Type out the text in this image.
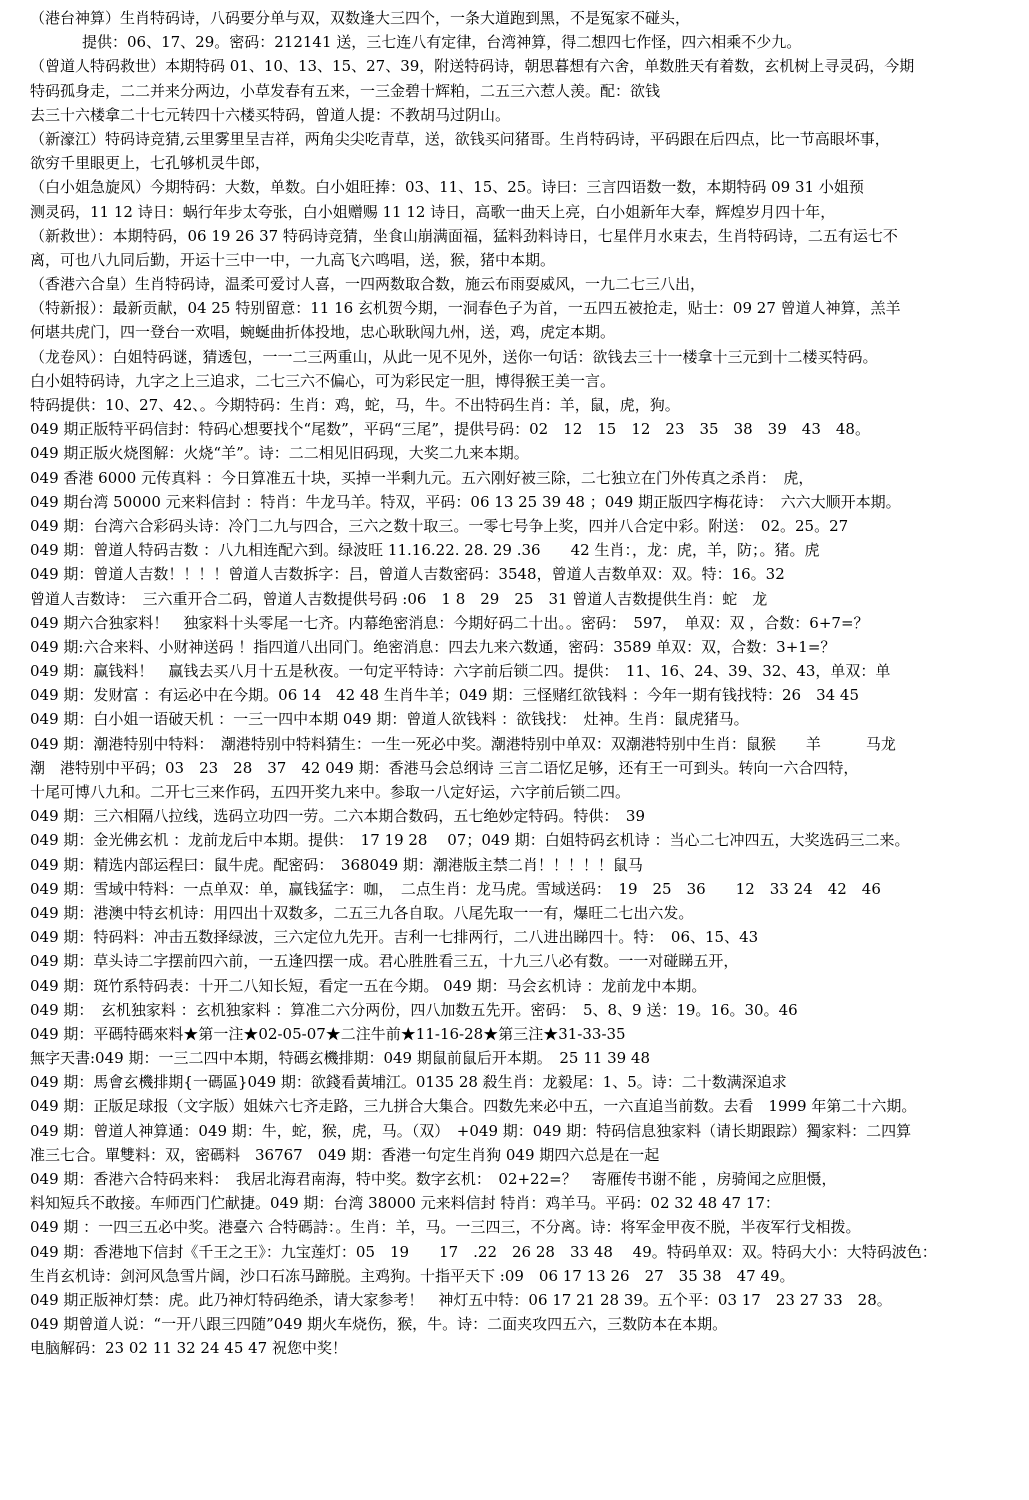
（港台神算）生肖特码诗，八码要分单与双，双数逢大三四个，一条大道跑到黑，不是冤家不碰头，
提供：06、17、29。密码：212141 送，三七连八有定律，台湾神算，得二想四七作怪，四六相乘不少九。
（曾道人特码救世）本期特码 01、10、13、15、27、39，附送特码诗，朝思暮想有六舍，单数胜天有着数，玄机树上寻灵码，今期
特码孤身走，二二并来分两边，小草发春有五来，一三金碧十辉粕，二五三六惹人羡。配：欲钱
去三十六楼拿二十七元转四十六楼买特码，曾道人提：不教胡马过阴山。
（新濠江）特码诗竞猜,云里雾里呈吉祥，两角尖尖吃青草，送，欲钱买问猪哥。生肖特码诗，平码跟在后四点，比一节高眼坏事，
欲穷千里眼更上，七孔够机灵牛郎，
（白小姐急旋风）今期特码：大数，单数。白小姐旺捧：03、11、15、25。诗曰：三言四语数一数，本期特码 09 31 小姐预
测灵码，11 12 诗日：蜗行年步太夸张，白小姐赠赐 11 12 诗日，高歌一曲天上亮，白小姐新年大奉，辉煌岁月四十年，
（新救世）：本期特码，06 19 26 37 特码诗竞猜，坐食山崩满面福，猛料劲料诗日，七星伴月水束去，生肖特码诗，二五有运七不
离，可也八九同后勤，开运十三中一中，一九高飞六鸣唱，送，猴，猪中本期。
（香港六合皇）生肖特码诗，温柔可爱讨人喜，一四两数取合数，施云布雨耍威风，一九二七三八出，
（特新报）：最新贡献，04 25 特别留意：11 16 玄机贺今期，一洞春色子为首，一五四五被抢走，贴士：09 27 曾道人神算，羔羊
何堪共虎门，四一登台一欢唱，蜿蜒曲折体投地，忠心耿耿闯九州，送，鸡，虎定本期。
（龙卷风）：白姐特码谜，猜透包，一一二三两重山，从此一见不见外，送你一句话：欲钱去三十一楼拿十三元到十二楼买特码。
白小姐特码诗，九字之上三追求，二七三六不偏心，可为彩民定一胆，博得猴王美一言。
特码提供：10、27、42、。今期特码：生肖：鸡，蛇，马，牛。不出特码生肖：羊，鼠，虎，狗。
049 期正版特平码信封：特码心想要找个“尾数”，平码“三尾”，提供号码：02　12　15　12　23　35　38　39　43　48。
049 期正版火烧图解：火烧“羊”。诗：二二相见旧码现，大奖二九来本期。
049 香港 6000 元传真料 ：今日算准五十块，买掉一半剩九元。五六刚好被三除，二七独立在门外传真之杀肖：　虎，
049 期台湾 50000 元来料信封 ：特肖：牛龙马羊。特双，平码：06 13 25 39 48 ；049 期正版四字梅花诗：　六六大顺开本期。
049 期：台湾六合彩码头诗：冷门二九与四合，三六之数十取三。一零七号争上奖，四并八合定中彩。附送：　02。25。27
049 期：曾道人特码吉数 ：八九相连配六到。绿波旺 11.16.22. 28. 29 .36　　42 生肖：，龙：虎，羊，防；。猪。虎
049 期：曾道人吉数！！！！曾道人吉数拆字：吕，曾道人吉数密码：3548，曾道人吉数单双：双。特：16。32
曾道人吉数诗：　三六重开合二码，曾道人吉数提供号码 :06　1 8　29　25　31 曾道人吉数提供生肖：蛇　龙
049 期六合独家料！　独家料十头零尾一七齐。内幕绝密消息：今期好码二十出。。密码：　597，　单双：双 ，合数：6+7=？
049 期:六合来料、小财神送码 ！指四道八出同门。绝密消息：四去九来六数通，密码：3589 单双：双，合数：3+1=？
049 期：赢钱料！　赢钱去买八月十五是秋夜。一句定平特诗：六字前后锁二四。提供：　11、16、24、39、32、43，单双：单
049 期：发财富 ：有运必中在今期。06 14　42 48 生肖牛羊；049 期：三怪赌红欲钱料 ：今年一期有钱找特：26　34 45
049 期：白小姐一语破天机 ：一三一四中本期 049 期：曾道人欲钱料 ：欲钱找：　灶神。生肖：鼠虎猪马。
049 期：潮港特别中特料：　潮港特别中特料猜生：一生一死必中奖。潮港特别中单双：双潮港特别中生肖：鼠猴　　羊　　　马龙
潮　港特别中平码；03　23　28　37　42 049 期：香港马会总纲诗 三言二语忆足够，还有王一可到头。转向一六合四特，
十尾可博八九和。二开七三来作码，五四开奖九来中。参取一八定好运，六字前后锁二四。
049 期：三六相隔八拉线，选码立功四一劳。二六本期合数码，五七绝妙定特码。特供：　39
049 期：金光佛玄机 ：龙前龙后中本期。提供：　17 19 28　 07；049 期：白姐特码玄机诗 ：当心二七冲四五，大奖选码三二来。
049 期：精选内部运程曰：鼠牛虎。配密码：　368049 期：潮港版主禁二肖！！！！！鼠马
049 期：雪域中特料：一点单双：单，赢钱猛字：咖，　二点生肖：龙马虎。雪域送码：　19　25　36　　12　33 24　42　46
049 期：港澳中特玄机诗：用四出十双数多，二五三九各自取。八尾先取一一有，爆旺二七出六发。
049 期：特码料：冲击五数择绿波，三六定位九先开。吉利一七排两行，二八进出睇四十。特：　06、15、43
049 期：草头诗二字摆前四六前，一五逢四摆一成。君心胜胜看三五，十九三八必有数。一一对碰睇五开，
049 期：斑竹系特码表：十开二八知长短，看定一五在今期。 049 期：马会玄机诗 ：龙前龙中本期。
049 期：　玄机独家料 ：玄机独家料 ：算准二六分两份，四八加数五先开。密码：　5、8、9 送：19。16。30。46
049 期：平碼特碼來料★第一注★02-05-07★二注牛前★11-16-28★第三注★31-33-35
無字天書:049 期：一三二四中本期，特碼玄機排期：049 期鼠前鼠后开本期。　25 11 39 48
049 期：馬會玄機排期{一碼區}049 期：欲錢看黃埔江。0135 28 殺生肖：龙毅尾：1、5。诗：二十数满深追求
049 期：正版足球报（文字版）姐妹六七齐走路，三九拼合大集合。四数先来必中五，一六直追当前数。去看　1999 年第二十六期。
049 期：曾道人神算通：049 期：牛，蛇，猴，虎，马。（双）　+049 期：049 期：特码信息独家料（请长期跟踪）獨家料：二四算
准三七合。單雙料：双，密碼料　36767　049 期：香港一句定生肖狗 049 期四六总是在一起
049 期：香港六合特码来料：　我居北海君南海，特中奖。数字玄机：　02+22=？　寄雁传书谢不能 ，房骑闻之应胆慑，
料知短兵不敢接。车师西门伫献捷。049 期：台湾 38000 元来料信封 特肖：鸡羊马。平码：02 32 48 47 17：
049 期 ：一四三五必中奖。港臺六 合特碼詩：。生肖：羊，马。一三四三，不分离。诗：将军金甲夜不脱，半夜军行戈相拨。
049 期：香港地下信封《千王之王》：九宝莲灯：05　19　　17　.22　26 28　33 48　 49。特码单双：双。特码大小：大特码波色：
生肖玄机诗：剑河风急雪片阔，沙口石冻马蹄脱。主鸡狗。十指平天下 :09　06 17 13 26　27　35 38　47 49。
049 期正版神灯禁：虎。此乃神灯特码绝杀，请大家参考！　神灯五中特：06 17 21 28 39。五个平：03 17　23 27 33　28。
049 期曾道人说：“一开八跟三四随”049 期火车烧伤，猴，牛。诗：二面夹攻四五六，三数防本在本期。
电脑解码：23 02 11 32 24 45 47 祝您中奖！
